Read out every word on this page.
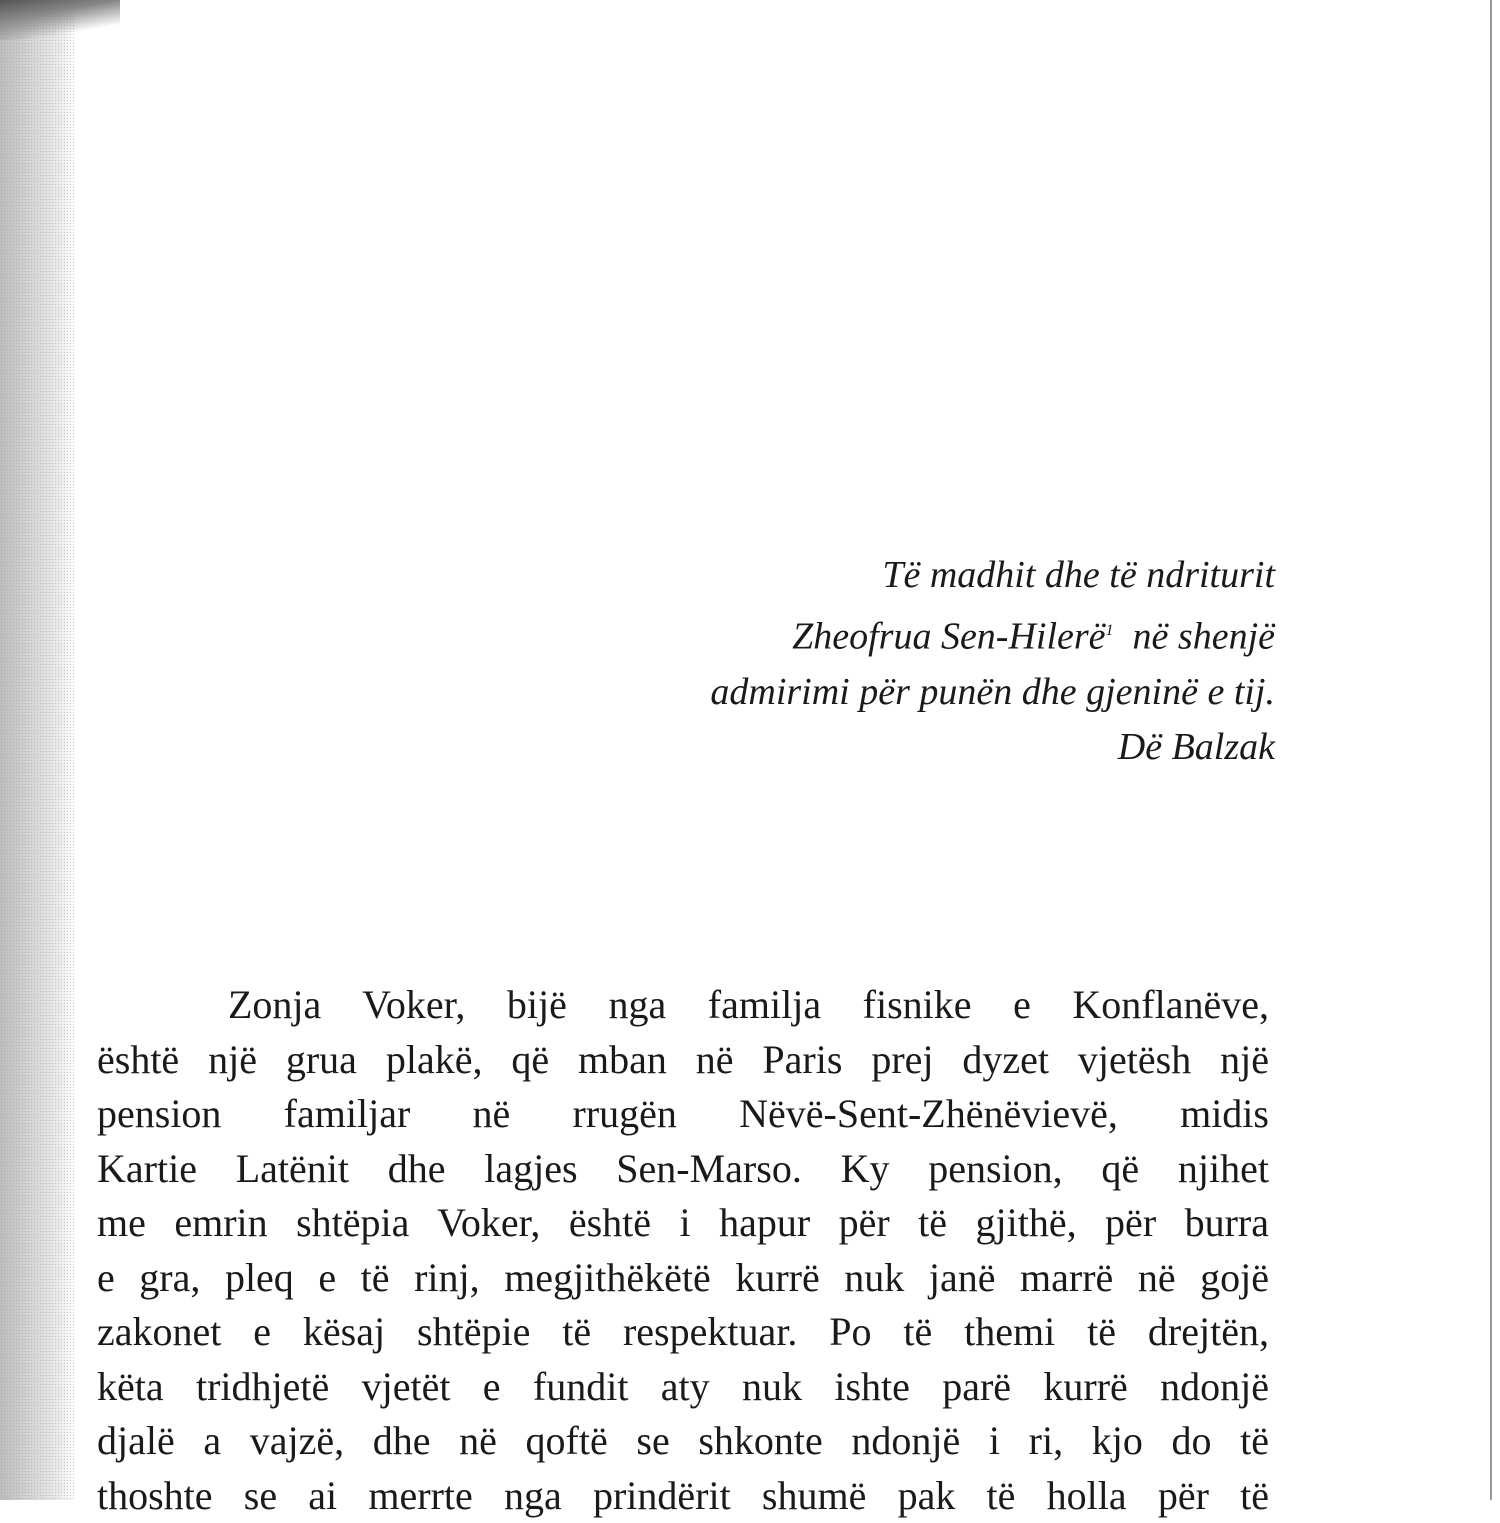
Të madhit dhe të ndriturit
Zheofrua Sen-Hilerë$^1$ në shenjë
admirimi për punën dhe gjeninë e tij.
Dë Balzak
Zonja Voker, bijë nga familja fisnike e Konflanëve,
është një grua plakë, që mban në Paris prej dyzet vjetësh një
pension familjar në rrugën Nëvë-Sent-Zhënëvievë, midis
Kartie Latënit dhe lagjes Sen-Marso. Ky pension, që njihet
me emrin shtëpia Voker, është i hapur për të gjithë, për burra
e gra, pleq e të rinj, megjithëkëtë kurrë nuk janë marrë në gojë
zakonet e kësaj shtëpie të respektuar. Po të themi të drejtën,
këta tridhjetë vjetët e fundit aty nuk ishte parë kurrë ndonjë
djalë a vajzë, dhe në qoftë se shkonte ndonjë i ri, kjo do të
thoshte se ai merrte nga prindërit shumë pak të holla për të
